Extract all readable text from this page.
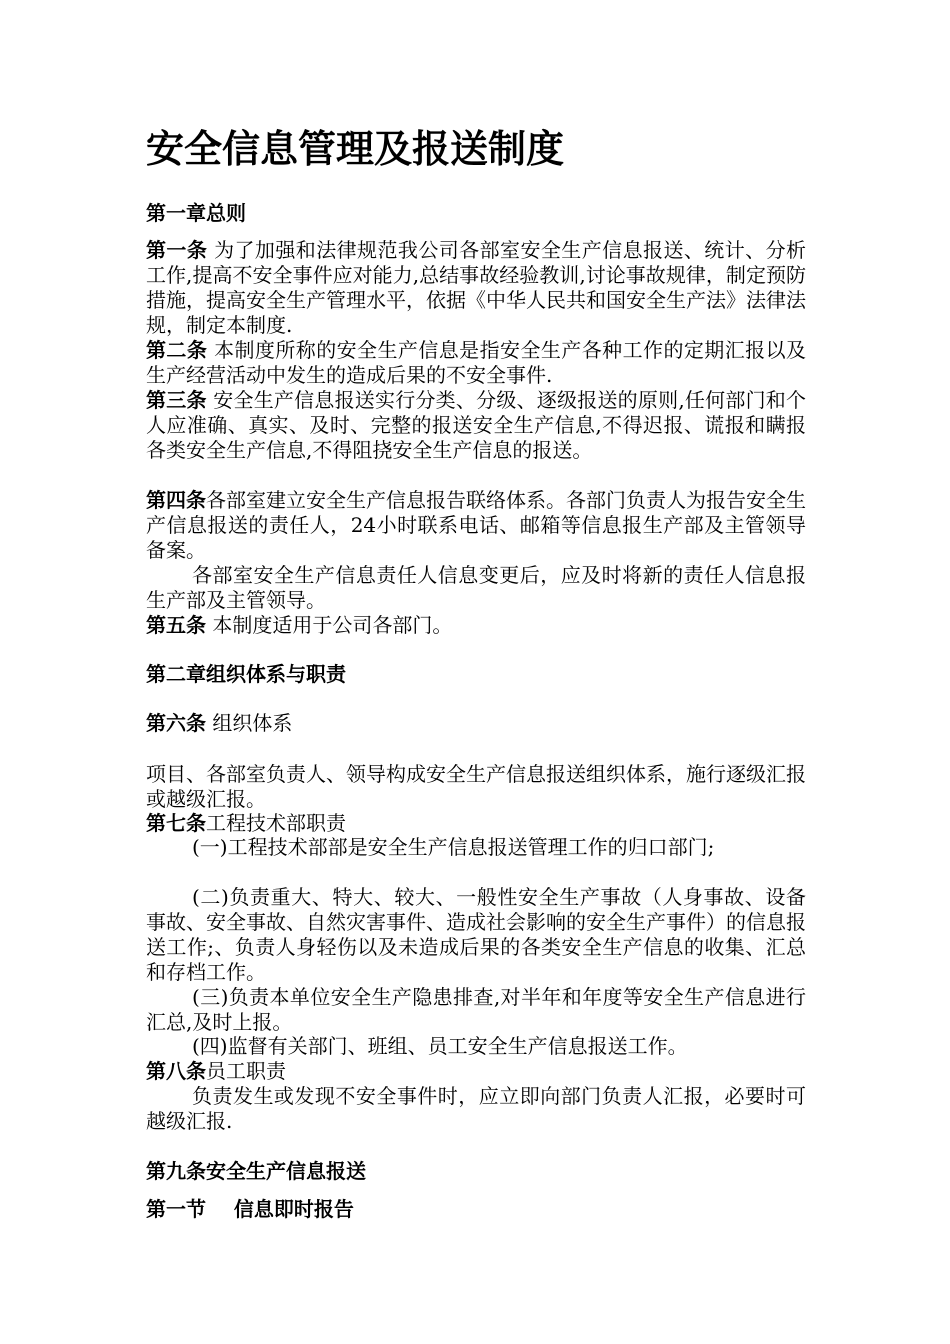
安全信息管理及报送制度
第一章总则

第一条 为了加强和法律规范我公司各部室安全生产信息报送、统计、分析工作,提高不安全事件应对能力,总结事故经验教训,讨论事故规律，制定预防措施，提高安全生产管理水平，依据《中华人民共和国安全生产法》法律法规，制定本制度.

第二条 本制度所称的安全生产信息是指安全生产各种工作的定期汇报以及生产经营活动中发生的造成后果的不安全事件.

第三条 安全生产信息报送实行分类、分级、逐级报送的原则,任何部门和个人应准确、真实、及时、完整的报送安全生产信息,不得迟报、谎报和瞒报各类安全生产信息,不得阻挠安全生产信息的报送。

第四条各部室建立安全生产信息报告联络体系。各部门负责人为报告安全生产信息报送的责任人，24小时联系电话、邮箱等信息报生产部及主管领导备案。

各部室安全生产信息责任人信息变更后，应及时将新的责任人信息报生产部及主管领导。

第五条 本制度适用于公司各部门。

第二章组织体系与职责

第六条 组织体系

项目、各部室负责人、领导构成安全生产信息报送组织体系，施行逐级汇报或越级汇报。

第七条工程技术部职责

(一)工程技术部部是安全生产信息报送管理工作的归口部门;

(二)负责重大、特大、较大、一般性安全生产事故（人身事故、设备事故、安全事故、自然灾害事件、造成社会影响的安全生产事件）的信息报送工作;、负责人身轻伤以及未造成后果的各类安全生产信息的收集、汇总和存档工作。

(三)负责本单位安全生产隐患排查,对半年和年度等安全生产信息进行汇总,及时上报。

(四)监督有关部门、班组、员工安全生产信息报送工作。

第八条员工职责

负责发生或发现不安全事件时，应立即向部门负责人汇报，必要时可越级汇报.

第九条安全生产信息报送
第一节    信息即时报告
